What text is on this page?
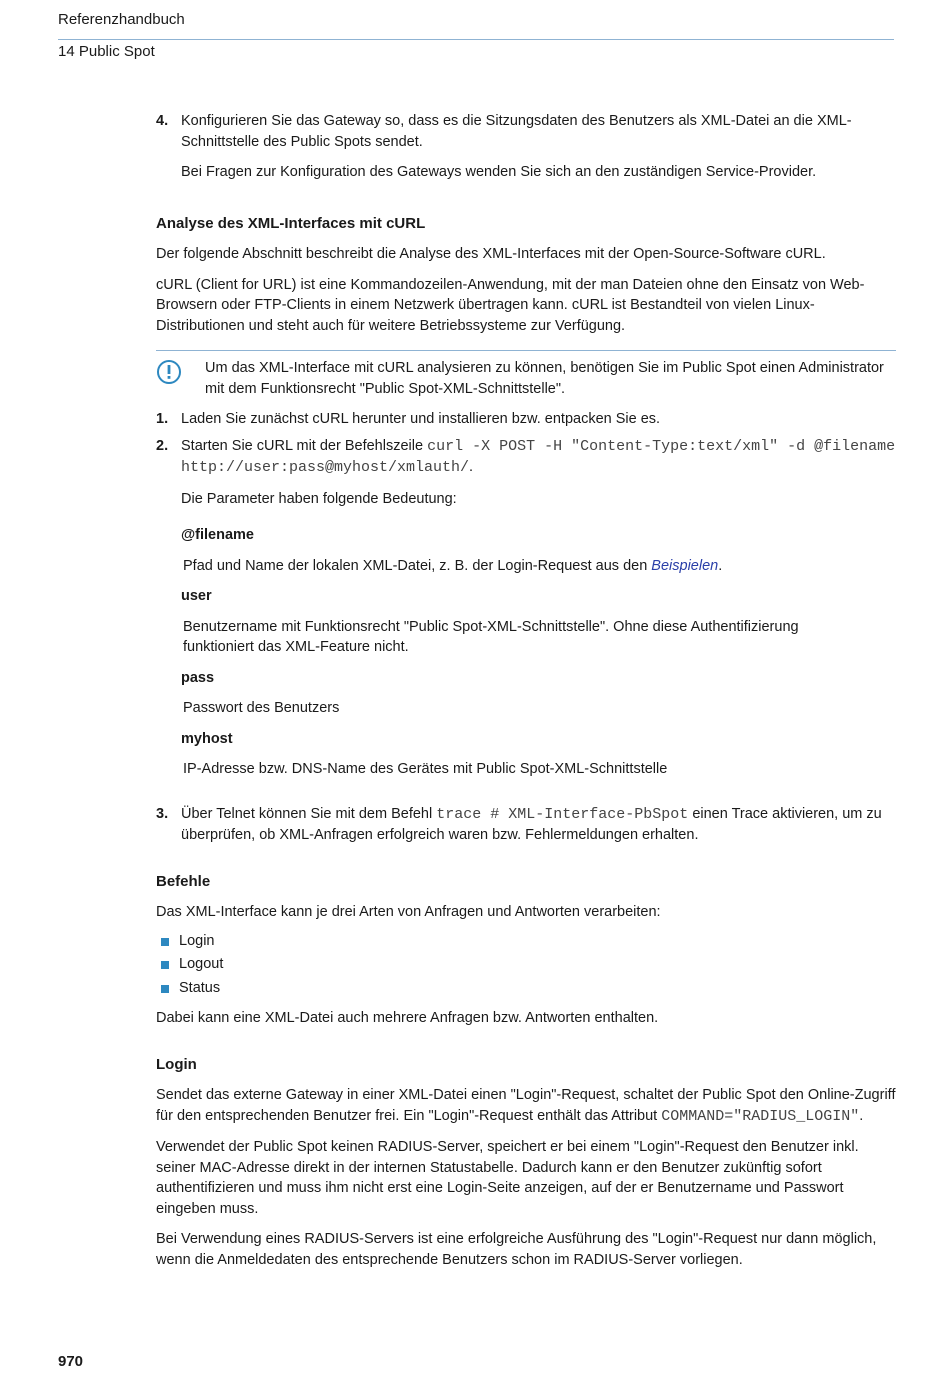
Referenzhandbuch
14 Public Spot
4. Konfigurieren Sie das Gateway so, dass es die Sitzungsdaten des Benutzers als XML-Datei an die XML-Schnittstelle des Public Spots sendet.

Bei Fragen zur Konfiguration des Gateways wenden Sie sich an den zuständigen Service-Provider.

Analyse des XML-Interfaces mit cURL

Der folgende Abschnitt beschreibt die Analyse des XML-Interfaces mit der Open-Source-Software cURL.

cURL (Client for URL) ist eine Kommandozeilen-Anwendung, mit der man Dateien ohne den Einsatz von Web-Browsern oder FTP-Clients in einem Netzwerk übertragen kann. cURL ist Bestandteil von vielen Linux-Distributionen und steht auch für weitere Betriebssysteme zur Verfügung.

Um das XML-Interface mit cURL analysieren zu können, benötigen Sie im Public Spot einen Administrator mit dem Funktionsrecht "Public Spot-XML-Schnittstelle".

1. Laden Sie zunächst cURL herunter und installieren bzw. entpacken Sie es.

2. Starten Sie cURL mit der Befehlszeile curl -X POST -H "Content-Type:text/xml" -d @filename http://user:pass@myhost/xmlauth/.

Die Parameter haben folgende Bedeutung:

@filename

Pfad und Name der lokalen XML-Datei, z. B. der Login-Request aus den Beispielen.

user

Benutzername mit Funktionsrecht "Public Spot-XML-Schnittstelle". Ohne diese Authentifizierung funktioniert das XML-Feature nicht.

pass

Passwort des Benutzers

myhost

IP-Adresse bzw. DNS-Name des Gerätes mit Public Spot-XML-Schnittstelle

3. Über Telnet können Sie mit dem Befehl trace # XML-Interface-PbSpot einen Trace aktivieren, um zu überprüfen, ob XML-Anfragen erfolgreich waren bzw. Fehlermeldungen erhalten.

Befehle

Das XML-Interface kann je drei Arten von Anfragen und Antworten verarbeiten:

Login
Logout
Status

Dabei kann eine XML-Datei auch mehrere Anfragen bzw. Antworten enthalten.

Login

Sendet das externe Gateway in einer XML-Datei einen "Login"-Request, schaltet der Public Spot den Online-Zugriff für den entsprechenden Benutzer frei. Ein "Login"-Request enthält das Attribut COMMAND="RADIUS_LOGIN".

Verwendet der Public Spot keinen RADIUS-Server, speichert er bei einem "Login"-Request den Benutzer inkl. seiner MAC-Adresse direkt in der internen Statustabelle. Dadurch kann er den Benutzer zukünftig sofort authentifizieren und muss ihm nicht erst eine Login-Seite anzeigen, auf der er Benutzername und Passwort eingeben muss.

Bei Verwendung eines RADIUS-Servers ist eine erfolgreiche Ausführung des "Login"-Request nur dann möglich, wenn die Anmeldedaten des entsprechende Benutzers schon im RADIUS-Server vorliegen.

970
